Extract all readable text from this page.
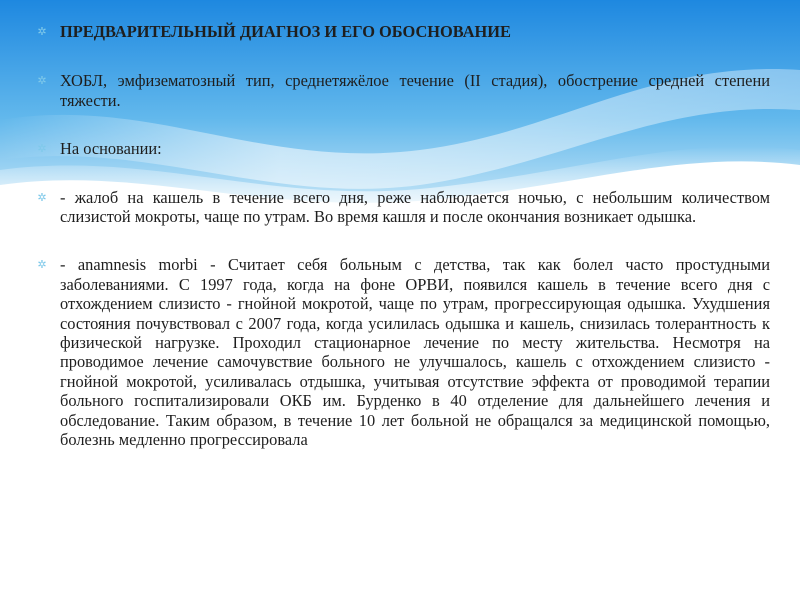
✲ ПРЕДВАРИТЕЛЬНЫЙ ДИАГНОЗ И ЕГО ОБОСНОВАНИЕ
✲ ХОБЛ, эмфизематозный тип, среднетяжёлое течение (II стадия), обострение средней степени тяжести.
✲ На основании:
✲ - жалоб на кашель в течение всего дня, реже наблюдается ночью, с небольшим количеством слизистой мокроты, чаще по утрам. Во время кашля и после окончания возникает одышка.
✲ - anamnesis morbi - Считает себя больным с детства, так как болел часто простудными заболеваниями. С 1997 года, когда на фоне ОРВИ, появился кашель в течение всего дня с отхождением слизисто - гнойной мокротой, чаще по утрам, прогрессирующая одышка. Ухудшения состояния почувствовал с 2007 года, когда усилилась одышка и кашель, снизилась толерантность к физической нагрузке. Проходил стационарное лечение по месту жительства. Несмотря на проводимое лечение самочувствие больного не улучшалось, кашель с отхождением слизисто - гнойной мокротой, усиливалась отдышка, учитывая отсутствие эффекта от проводимой терапии больного госпитализировали ОКБ им. Бурденко в 40 отделение для дальнейшего лечения и обследование. Таким образом, в течение 10 лет больной не обращался за медицинской помощью, болезнь медленно прогрессировала
